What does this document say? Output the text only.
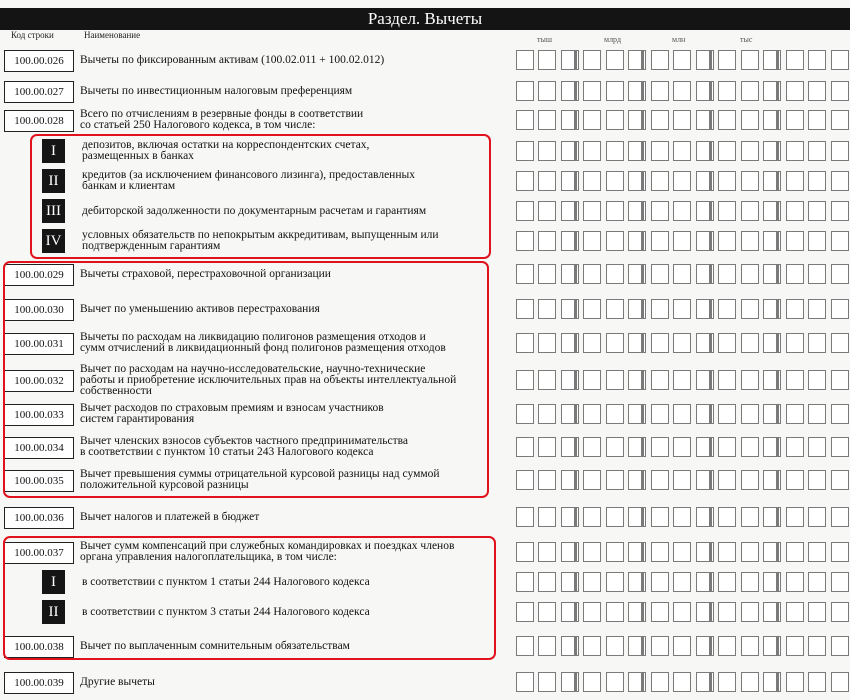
Раздел. Вычеты
Код строки	Наименование	тыш	млрд	млн	тыс
100.00.026	Вычеты по фиксированным активам (100.02.011 + 100.02.012)
100.00.027	Вычеты по инвестиционным налоговым преференциям
100.00.028
Всего по отчислениям в резервные фонды в соответствии
со статьей 250 Налогового кодекса, в том числе:
I	депозитов, включая остатки на корреспондентских счетах,
размещенных в банках
II	кредитов (за исключением финансового лизинга), предоставленных
банкам и клиентам
III	дебиторской задолженности по документарным расчетам и гарантиям
IV	условных обязательств по непокрытым аккредитивам, выпущенным или
подтвержденным гарантиям
100.00.029	Вычеты страховой, перестраховочной организации
100.00.030	Вычет по уменьшению активов перестрахования
100.00.031
Вычеты по расходам на ликвидацию полигонов размещения отходов и
сумм отчислений в ликвидационный фонд полигонов размещения отходов
100.00.032
Вычет по расходам на научно-исследовательские, научно-технические
работы и приобретение исключительных прав на объекты интеллектуальной
собственности
100.00.033
Вычет расходов по страховым премиям и взносам участников
систем гарантирования
100.00.034
Вычет членских взносов субъектов частного предпринимательства
в соответствии с пунктом 10 статьи 243 Налогового кодекса
100.00.035
Вычет превышения суммы отрицательной курсовой разницы над суммой
положительной курсовой разницы
100.00.036	Вычет налогов и платежей в бюджет
100.00.037
Вычет сумм компенсаций при служебных командировках и поездках членов
органа управления налогоплательщика, в том числе:
I	в соответствии с пунктом 1 статьи 244 Налогового кодекса
II	в соответствии с пунктом 3 статьи 244 Налогового кодекса
100.00.038	Вычет по выплаченным сомнительным обязательствам
100.00.039	Другие вычеты
